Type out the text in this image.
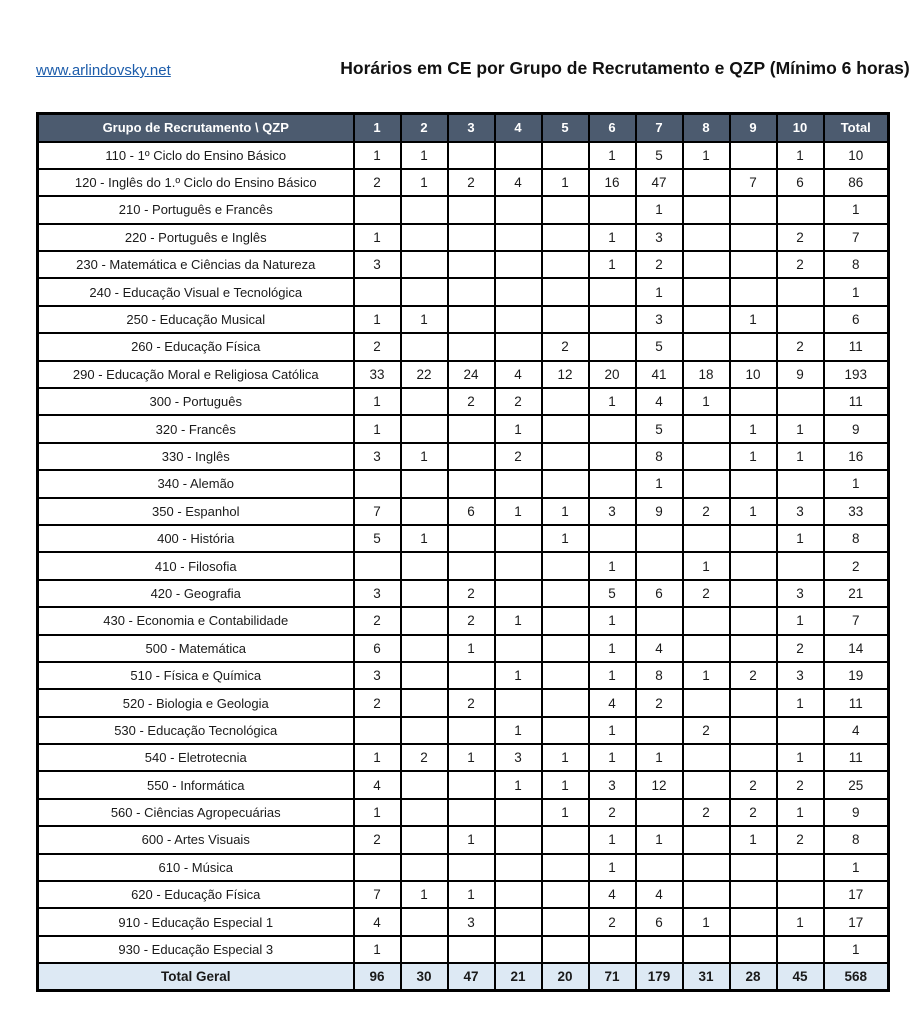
www.arlindovsky.net	Horários em CE por Grupo de Recrutamento e QZP (Mínimo 6 horas)
Grupo de Recrutamento \ QZP	1	2	3	4	5	6	7	8	9	10	Total
110 - 1º Ciclo do Ensino Básico	1	1				1	5	1		1	10
120 - Inglês do 1.º Ciclo do Ensino Básico	2	1	2	4	1	16	47		7	6	86
210 - Português e Francês							1				1
220 - Português e Inglês	1					1	3			2	7
230 - Matemática e Ciências da Natureza	3					1	2			2	8
240 - Educação Visual e Tecnológica							1				1
250 - Educação Musical	1	1					3		1		6
260 - Educação Física	2				2		5			2	11
290 - Educação Moral e Religiosa Católica	33	22	24	4	12	20	41	18	10	9	193
300 - Português	1		2	2		1	4	1			11
320 - Francês	1			1			5		1	1	9
330 - Inglês	3	1		2			8		1	1	16
340 - Alemão							1				1
350 - Espanhol	7		6	1	1	3	9	2	1	3	33
400 - História	5	1			1					1	8
410 - Filosofia						1		1			2
420 - Geografia	3		2			5	6	2		3	21
430 - Economia e Contabilidade	2		2	1		1				1	7
500 - Matemática	6		1			1	4			2	14
510 - Física e Química	3			1		1	8	1	2	3	19
520 - Biologia e Geologia	2		2			4	2			1	11
530 - Educação Tecnológica				1		1		2			4
540 - Eletrotecnia	1	2	1	3	1	1	1			1	11
550 - Informática	4			1	1	3	12		2	2	25
560 - Ciências Agropecuárias	1				1	2		2	2	1	9
600 - Artes Visuais	2		1			1	1		1	2	8
610 - Música						1					1
620 - Educação Física	7	1	1			4	4				17
910 - Educação Especial 1	4		3			2	6	1		1	17
930 - Educação Especial 3	1										1
Total Geral	96	30	47	21	20	71	179	31	28	45	568
